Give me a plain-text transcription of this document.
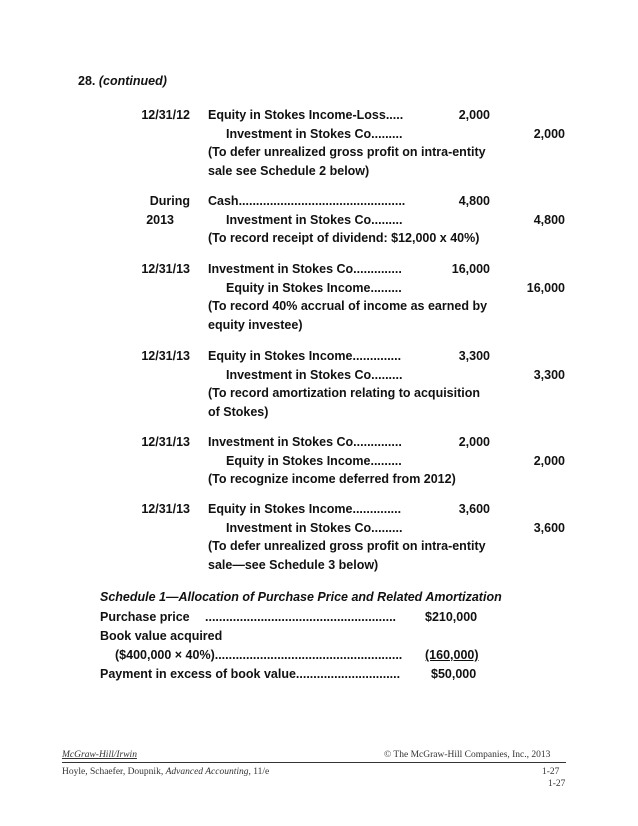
28. (continued)
12/31/12 Equity in Stokes Income-Loss.....	2,000
Investment in Stokes Co.........	2,000
(To defer unrealized gross profit on intra-entity
sale see Schedule 2 below)
During
2013
Cash................................................	4,800
Investment in Stokes Co.........	4,800
(To record receipt of dividend: $12,000 x 40%)
12/31/13 Investment in Stokes Co..............	16,000
Equity in Stokes Income.........	16,000
(To record 40% accrual of income as earned by
equity investee)
12/31/13 Equity in Stokes Income..............	3,300
Investment in Stokes Co.........	3,300
(To record amortization relating to acquisition
of Stokes)
12/31/13 Investment in Stokes Co..............	2,000
Equity in Stokes Income.........	2,000
(To recognize income deferred from 2012)
12/31/13 Equity in Stokes Income..............	3,600
Investment in Stokes Co.........	3,600
(To defer unrealized gross profit on intra-entity
sale—see Schedule 3 below)
Schedule 1—Allocation of Purchase Price and Related Amortization
Purchase price ....................................................... $210,000
Book value acquired
($400,000 × 40%)...................................................... (160,000)
Payment in excess of book value.............................. $50,000
McGraw-Hill/Irwin	© The McGraw-Hill Companies, Inc., 2013
Hoyle, Schaefer, Doupnik, Advanced Accounting, 11/e	1-27
1-27
